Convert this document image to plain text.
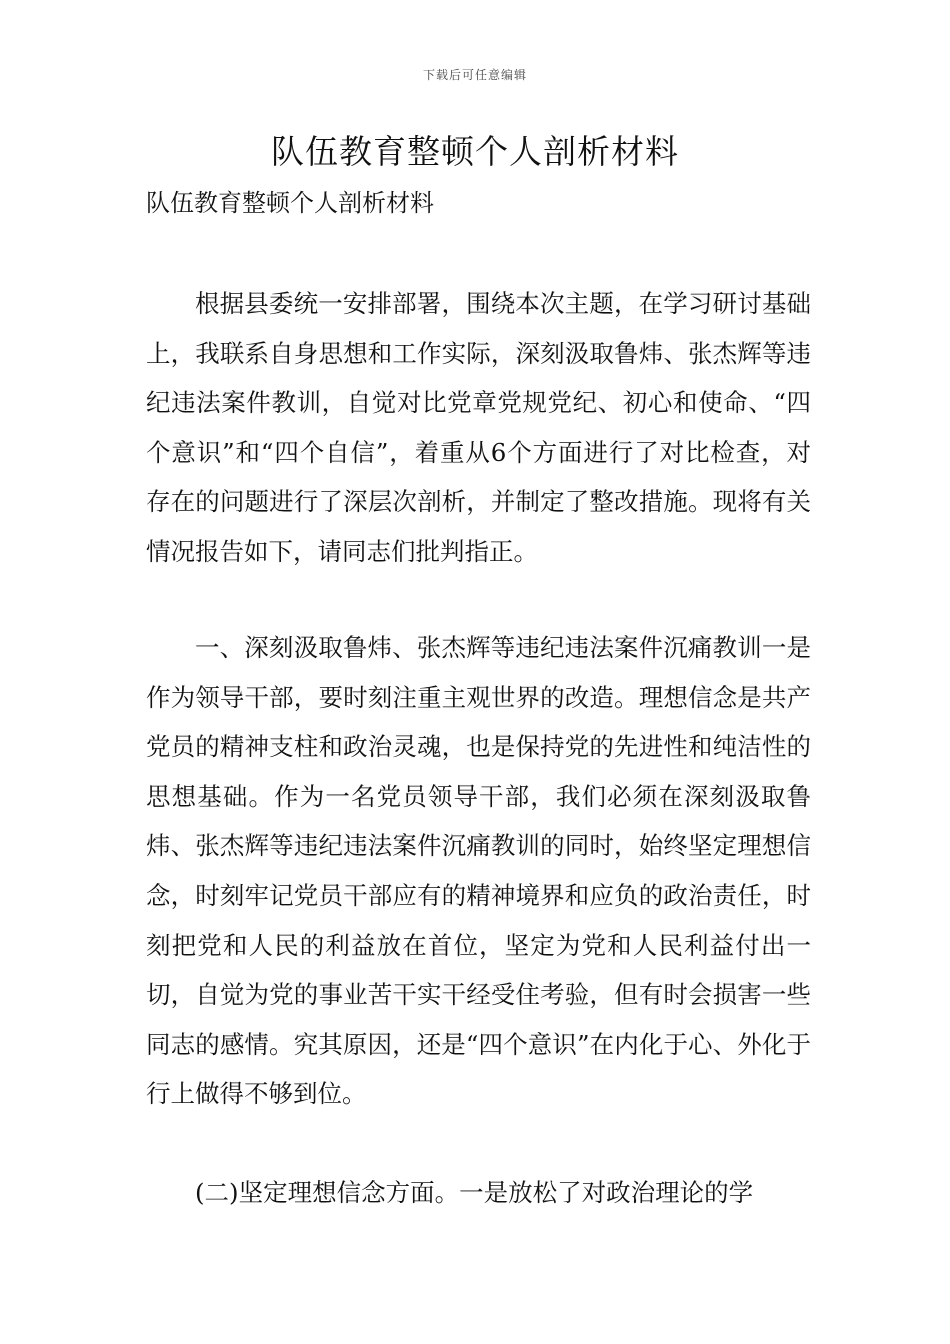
下载后可任意编辑
队伍教育整顿个人剖析材料
队伍教育整顿个人剖析材料

根据县委统一安排部署，围绕本次主题，在学习研讨基础上，我联系自身思想和工作实际，深刻汲取鲁炜、张杰辉等违纪违法案件教训，自觉对比党章党规党纪、初心和使命、“四个意识”和“四个自信”，着重从6个方面进行了对比检查，对存在的问题进行了深层次剖析，并制定了整改措施。现将有关情况报告如下，请同志们批判指正。

一、深刻汲取鲁炜、张杰辉等违纪违法案件沉痛教训一是作为领导干部，要时刻注重主观世界的改造。理想信念是共产党员的精神支柱和政治灵魂，也是保持党的先进性和纯洁性的思想基础。作为一名党员领导干部，我们必须在深刻汲取鲁炜、张杰辉等违纪违法案件沉痛教训的同时，始终坚定理想信念，时刻牢记党员干部应有的精神境界和应负的政治责任，时刻把党和人民的利益放在首位，坚定为党和人民利益付出一切，自觉为党的事业苦干实干经受住考验，但有时会损害一些同志的感情。究其原因，还是“四个意识”在内化于心、外化于行上做得不够到位。

(二)坚定理想信念方面。一是放松了对政治理论的学
